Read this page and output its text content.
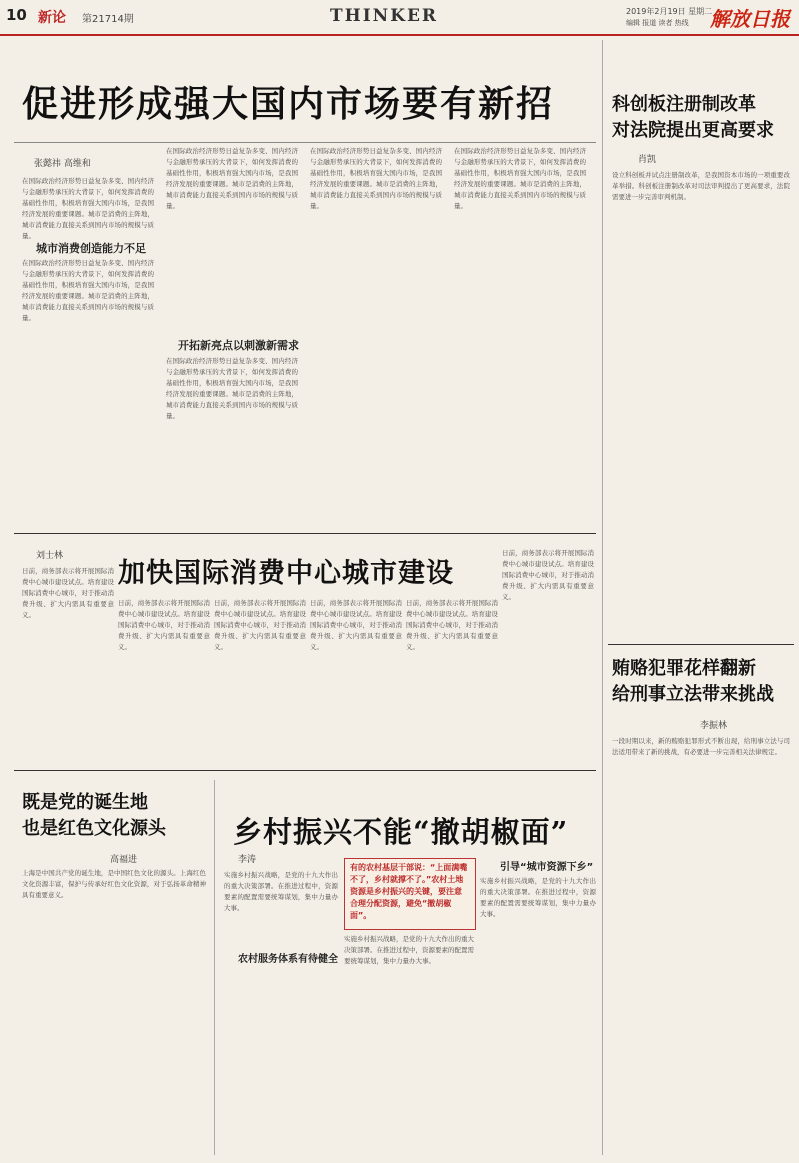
10 新论 第21714期	THINKER	2019年2月19日 星期二
编辑 报道 读者 热线 解放日报
促进形成强大国内市场要有新招
张懿祎 高维和
城市消费创造能力不足
开拓新亮点以刺激新需求
在国际政治经济形势日益复杂多变、国内经济与金融形势承压的大背景下，如何发挥消费的基础性作用，积极培育强大国内市场，是我国经济发展的重要课题。城市是消费的主阵地，城市消费能力直接关系到国内市场的规模与质量。
在国际政治经济形势日益复杂多变、国内经济与金融形势承压的大背景下，如何发挥消费的基础性作用，积极培育强大国内市场，是我国经济发展的重要课题。城市是消费的主阵地，城市消费能力直接关系到国内市场的规模与质量。
在国际政治经济形势日益复杂多变、国内经济与金融形势承压的大背景下，如何发挥消费的基础性作用，积极培育强大国内市场，是我国经济发展的重要课题。城市是消费的主阵地，城市消费能力直接关系到国内市场的规模与质量。
在国际政治经济形势日益复杂多变、国内经济与金融形势承压的大背景下，如何发挥消费的基础性作用，积极培育强大国内市场，是我国经济发展的重要课题。城市是消费的主阵地，城市消费能力直接关系到国内市场的规模与质量。
在国际政治经济形势日益复杂多变、国内经济与金融形势承压的大背景下，如何发挥消费的基础性作用，积极培育强大国内市场，是我国经济发展的重要课题。城市是消费的主阵地，城市消费能力直接关系到国内市场的规模与质量。
在国际政治经济形势日益复杂多变、国内经济与金融形势承压的大背景下，如何发挥消费的基础性作用，积极培育强大国内市场，是我国经济发展的重要课题。城市是消费的主阵地，城市消费能力直接关系到国内市场的规模与质量。
科创板注册制改革
对法院提出更高要求
肖凯
设立科创板并试点注册制改革，是我国资本市场的一项重要改革举措。科创板注册制改革对司法审判提出了更高要求，法院需要进一步完善审判机制。
贿赂犯罪花样翻新
给刑事立法带来挑战
李振林
一段时期以来，新的贿赂犯罪形式不断出现，给刑事立法与司法适用带来了新的挑战，有必要进一步完善相关法律规定。
加快国际消费中心城市建设
刘士林
日前，商务部表示将开展国际消费中心城市建设试点。培育建设国际消费中心城市，对于推动消费升级、扩大内需具有重要意义。
日前，商务部表示将开展国际消费中心城市建设试点。培育建设国际消费中心城市，对于推动消费升级、扩大内需具有重要意义。
日前，商务部表示将开展国际消费中心城市建设试点。培育建设国际消费中心城市，对于推动消费升级、扩大内需具有重要意义。
日前，商务部表示将开展国际消费中心城市建设试点。培育建设国际消费中心城市，对于推动消费升级、扩大内需具有重要意义。
日前，商务部表示将开展国际消费中心城市建设试点。培育建设国际消费中心城市，对于推动消费升级、扩大内需具有重要意义。
日前，商务部表示将开展国际消费中心城市建设试点。培育建设国际消费中心城市，对于推动消费升级、扩大内需具有重要意义。
既是党的诞生地
也是红色文化源头
高福进
上海是中国共产党的诞生地，是中国红色文化的源头。上海红色文化资源丰富，保护与传承好红色文化资源，对于弘扬革命精神具有重要意义。
乡村振兴不能“撤胡椒面”
李涛
实施乡村振兴战略，是党的十九大作出的重大决策部署。在推进过程中，资源要素的配置需要统筹谋划，集中力量办大事。
农村服务体系有待健全
有的农村基层干部说：“上面满嘴不了，乡村就撑不了。”农村土地资源是乡村振兴的关键，要注意合理分配资源，避免“撤胡椒面”。
实施乡村振兴战略，是党的十九大作出的重大决策部署。在推进过程中，资源要素的配置需要统筹谋划，集中力量办大事。
引导“城市资源下乡”
实施乡村振兴战略，是党的十九大作出的重大决策部署。在推进过程中，资源要素的配置需要统筹谋划，集中力量办大事。
